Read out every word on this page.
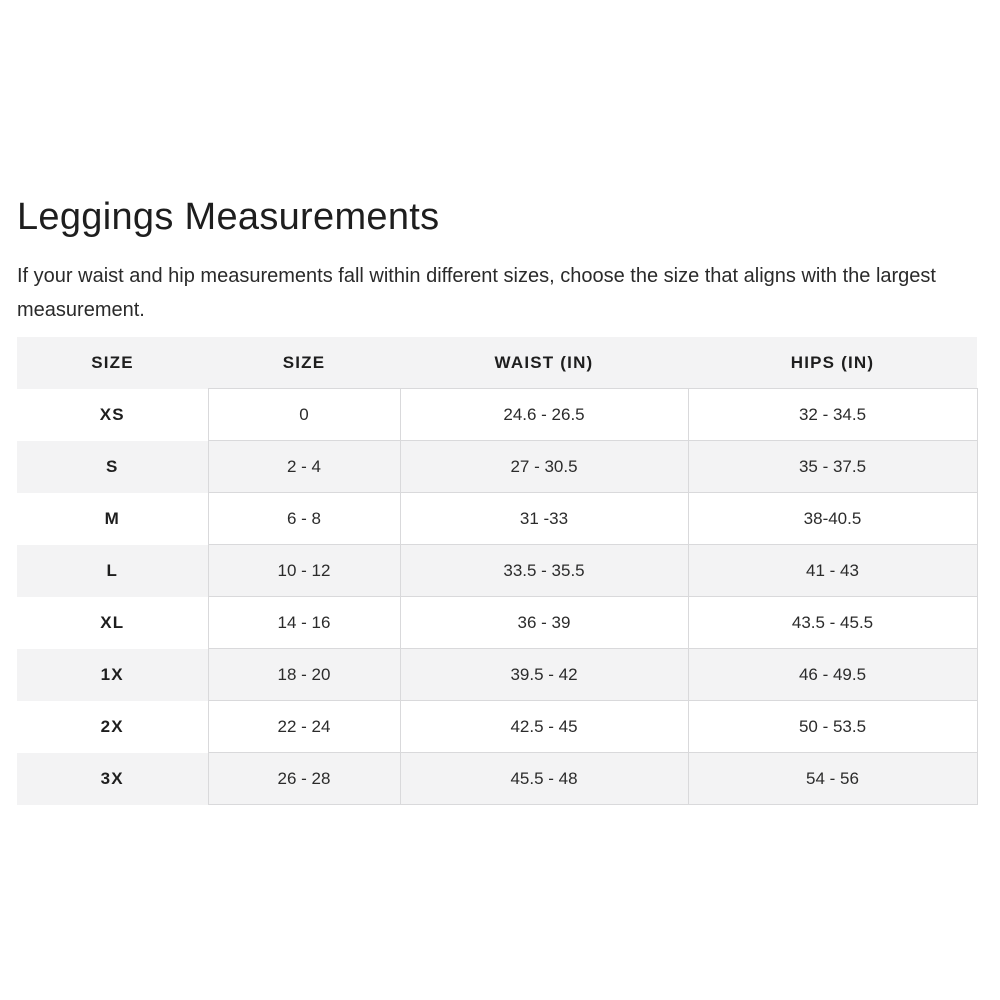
Leggings Measurements

If your waist and hip measurements fall within different sizes, choose the size that aligns with the largest measurement.

SIZE	SIZE	WAIST (IN)	HIPS (IN)
XS	0	24.6 - 26.5	32 - 34.5
S	2 - 4	27 - 30.5	35 - 37.5
M	6 - 8	31 -33	38-40.5
L	10 - 12	33.5 - 35.5	41 - 43
XL	14 - 16	36 - 39	43.5 - 45.5
1X	18 - 20	39.5 - 42	46 - 49.5
2X	22 - 24	42.5 - 45	50 - 53.5
3X	26 - 28	45.5 - 48	54 - 56
